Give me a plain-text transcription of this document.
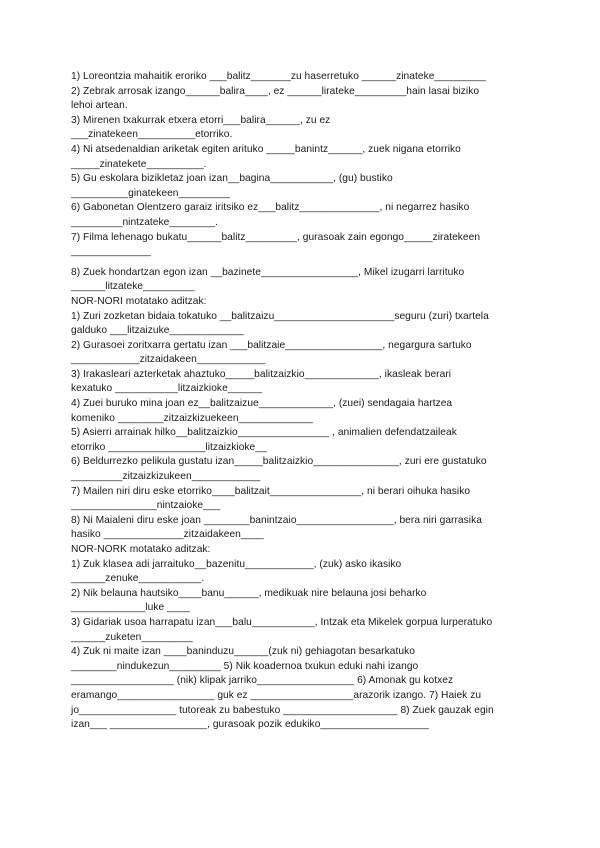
1) Loreontzia mahaitik eroriko ___balitz_______zu haserretuko ______zinateke_________
2) Zebrak arrosak izango______balira____, ez ______lirateke_________hain lasai biziko
lehoi artean.
3) Mirenen txakurrak etxera etorri___balira______, zu ez
___zinatekeen__________etorriko.
4) Ni atsedenaldian ariketak egiten arituko _____banintz______, zuek nigana etorriko
_____zinatekete__________.
5) Gu eskolara bizikletaz joan izan__bagina___________, (gu) bustiko
__________ginatekeen_________
6) Gabonetan Olentzero garaiz iritsiko ez___balitz______________, ni negarrez hasiko
_________nintzateke________.
7) Filma lehenago bukatu______balitz_________, gurasoak zain egongo_____ziratekeen
______________
8) Zuek hondartzan egon izan __bazinete_________________, Mikel izugarri larrituko
______litzateke_________
NOR-NORI motatako aditzak:
1) Zuri zozketan bidaia tokatuko __balitzaizu_____________________seguru (zuri) txartela
galduko ___litzaizuke_____________
2) Gurasoei zoritxarra gertatu izan ___balitzaie_________________, negargura sartuko
____________zitzaidakeen____________
3) Irakasleari azterketak ahaztuko_____balitzaizkio_____________, ikasleak berari
kexatuko ___________litzaizkioke______
4) Zuei buruko mina joan ez__balitzaizue_____________, (zuei) sendagaia hartzea
komeniko ________zitzaizkizuekeen_____________
5) Asierri arrainak hilko__balitzaizkio________________ , animalien defendatzaileak
etorriko _________________litzaizkioke__
6) Beldurrezko pelikula gustatu izan_____balitzaizkio_______________, zuri ere gustatuko
_________zitzaizkizukeen____________
7) Mailen niri diru eske etorriko____balitzait________________, ni berari oihuka hasiko
_______________nintzaioke___
8) Ni Maialeni diru eske joan ________banintzaio_________________, bera niri garrasika
hasiko ______________zitzaidakeen____
NOR-NORK motatako aditzak:
1) Zuk klasea adi jarraituko__bazenitu____________, (zuk) asko ikasiko
______zenuke___________.
2) Nik belauna hautsiko____banu______, medikuak nire belauna josi beharko
_____________luke ____
3) Gidariak usoa harrapatu izan___balu___________, Intzak eta Mikelek gorpua lurperatuko
______zuketen_________
4) Zuk ni maite izan ____baninduzu______(zuk ni) gehiagotan besarkatuko
________nindukezun_________ 5) Nik koadernoa txukun eduki nahi izango
__________________ (nik) klipak jarriko_________________ 6) Amonak gu kotxez
eramango_________________ guk ez __________________arazorik izango. 7) Haiek zu
jo_________________ tutoreak zu babestuko ____________________ 8) Zuek gauzak egin
izan___ _________________, gurasoak pozik edukiko___________________
